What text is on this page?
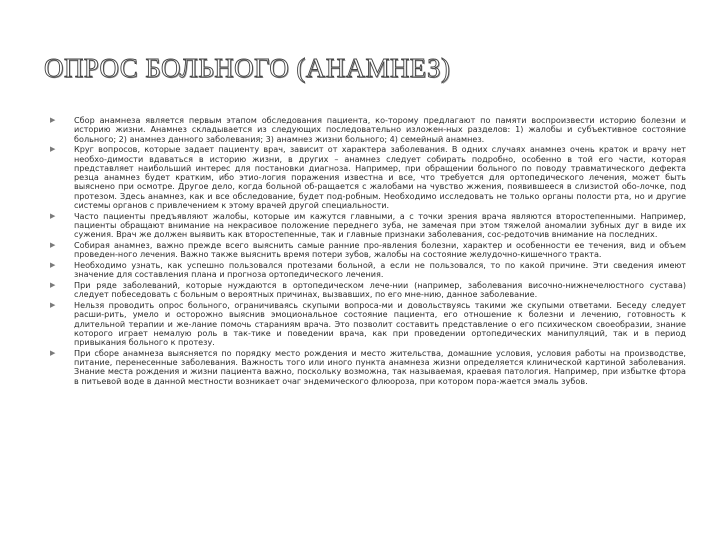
ОПРОС БОЛЬНОГО (АНАМНЕЗ)
▶ Сбор анамнеза является первым этапом обследования пациента, ко-торому предлагают по памяти воспроизвести историю болезни и историю жизни. Анамнез складывается из следующих последовательно изложен-ных разделов: 1) жалобы и субъективное состояние больного; 2) анамнез данного заболевания; 3) анамнез жизни больного; 4) семейный анамнез.
▶ Круг вопросов, которые задает пациенту врач, зависит от характера заболевания. В одних случаях анамнез очень краток и врачу нет необхо-димости вдаваться в историю жизни, в других – анамнез следует собирать подробно, особенно в той его части, которая представляет наибольший интерес для постановки диагноза. Например, при обращении больного по поводу травматического дефекта резца анамнез будет кратким, ибо этио-логия поражения известна и все, что требуется для ортопедического лечения, может быть выяснено при осмотре. Другое дело, когда больной об-ращается с жалобами на чувство жжения, появившееся в слизистой обо-лочке, под протезом. Здесь анамнез, как и все обследование, будет под-робным. Необходимо исследовать не только органы полости рта, но и другие системы органов с привлечением к этому врачей другой специальности.
▶ Часто пациенты предъявляют жалобы, которые им кажутся главными, а с точки зрения врача являются второстепенными. Например, пациенты обращают внимание на некрасивое положение переднего зуба, не замечая при этом тяжелой аномалии зубных дуг в виде их сужения. Врач же должен выявить как второстепенные, так и главные признаки заболевания, сос-редоточив внимание на последних.
▶ Собирая анамнез, важно прежде всего выяснить самые ранние про-явления болезни, характер и особенности ее течения, вид и объем проведен-ного лечения. Важно также выяснить время потери зубов, жалобы на состояние желудочно-кишечного тракта.
▶ Необходимо узнать, как успешно пользовался протезами больной, а если не пользовался, то по какой причине. Эти сведения имеют значение для составления плана и прогноза ортопедического лечения.
▶ При ряде заболеваний, которые нуждаются в ортопедическом лече-нии (например, заболевания височно-нижнечелюстного сустава) следует побеседовать с больным о вероятных причинах, вызвавших, по его мне-нию, данное заболевание.
▶ Нельзя проводить опрос больного, ограничиваясь скупыми вопроса-ми и довольствуясь такими же скупыми ответами. Беседу следует расши-рить, умело и осторожно выяснив эмоциональное состояние пациента, его отношение к болезни и лечению, готовность к длительной терапии и же-лание помочь стараниям врача. Это позволит составить представление о его психическом своеобразии, знание которого играет немалую роль в так-тике и поведении врача, как при проведении ортопедических манипуляций, так и в период привыкания больного к протезу.
▶ При сборе анамнеза выясняется по порядку место рождения и место жительства, домашние условия, условия работы на производстве, питание, перенесенные заболевания. Важность того или иного пункта анамнеза жизни определяется клинической картиной заболевания. Знание места рождения и жизни пациента важно, поскольку возможна, так называемая, краевая патология. Например, при избытке фтора в питьевой воде в данной местности возникает очаг эндемического флюороза, при котором пора-жается эмаль зубов.
